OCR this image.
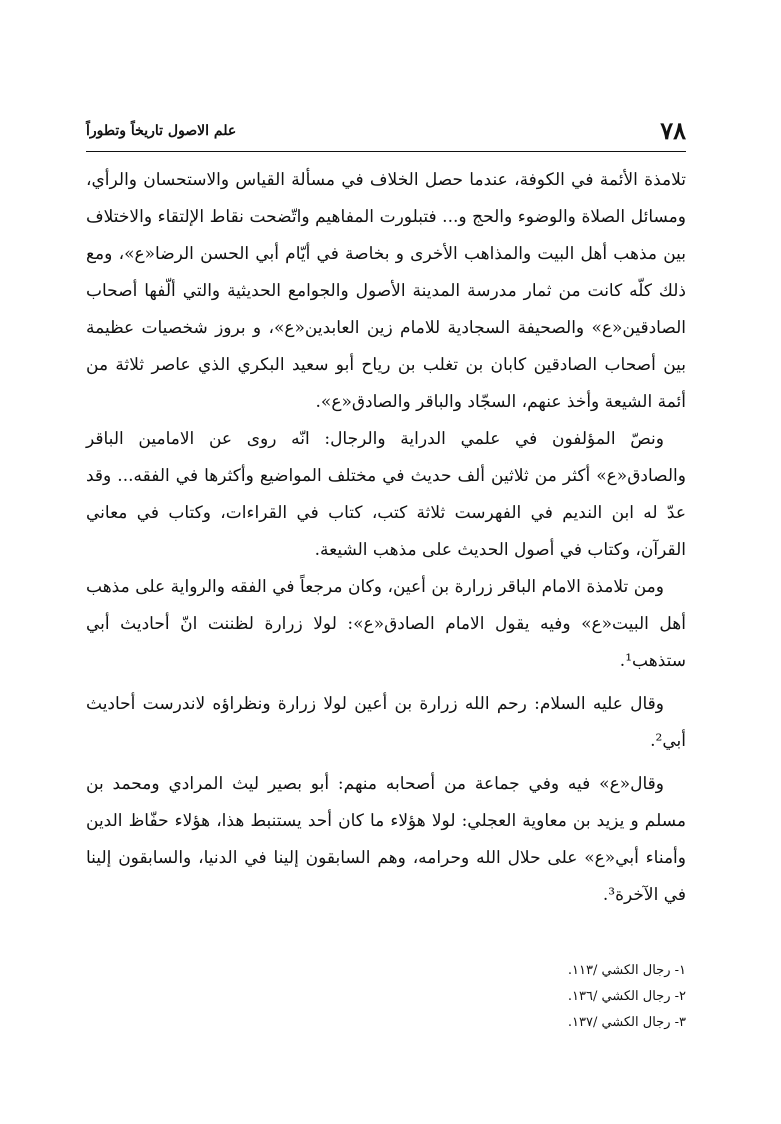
٧٨
علم الاصول تاريخاً وتطوراً

تلامذة الأئمة في الكوفة، عندما حصل الخلاف في مسألة القياس والاستحسان والرأي، ومسائل الصلاة والوضوء والحج و... فتبلورت المفاهيم واتّضحت نقاط الإلتقاء والاختلاف بين مذهب أهل البيت والمذاهب الأخرى و بخاصة في أيّام أبي الحسن الرضا«ع»، ومع ذلك كلّه كانت من ثمار مدرسة المدينة الأصول والجوامع الحديثية والتي ألّفها أصحاب الصادقين«ع» والصحيفة السجادية للامام زين العابدين«ع»، و بروز شخصيات عظيمة بين أصحاب الصادقين كابان بن تغلب بن رياح أبو سعيد البكري الذي عاصر ثلاثة من أئمة الشيعة وأخذ عنهم، السجّاد والباقر والصادق«ع».

ونصّ المؤلفون في علمي الدراية والرجال: انّه روى عن الامامين الباقر والصادق«ع» أكثر من ثلاثين ألف حديث في مختلف المواضيع وأكثرها في الفقه... وقد عدّ له ابن النديم في الفهرست ثلاثة كتب، كتاب في القراءات، وكتاب في معاني القرآن، وكتاب في أصول الحديث على مذهب الشيعة.

ومن تلامذة الامام الباقر زرارة بن أعين، وكان مرجعاً في الفقه والرواية على مذهب أهل البيت«ع» وفيه يقول الامام الصادق«ع»: لولا زرارة لظننت انّ أحاديث أبي ستذهب¹.

وقال عليه السلام: رحم الله زرارة بن أعين لولا زرارة ونظراؤه لاندرست أحاديث أبي².

وقال«ع» فيه وفي جماعة من أصحابه منهم: أبو بصير ليث المرادي ومحمد بن مسلم و يزيد بن معاوية العجلي: لولا هؤلاء ما كان أحد يستنبط هذا، هؤلاء حفّاظ الدين وأمناء أبي«ع» على حلال الله وحرامه، وهم السابقون إلينا في الدنيا، والسابقون إلينا في الآخرة³.

١- رجال الكشي /١١٣.
٢- رجال الكشي /١٣٦.
٣- رجال الكشي /١٣٧.
